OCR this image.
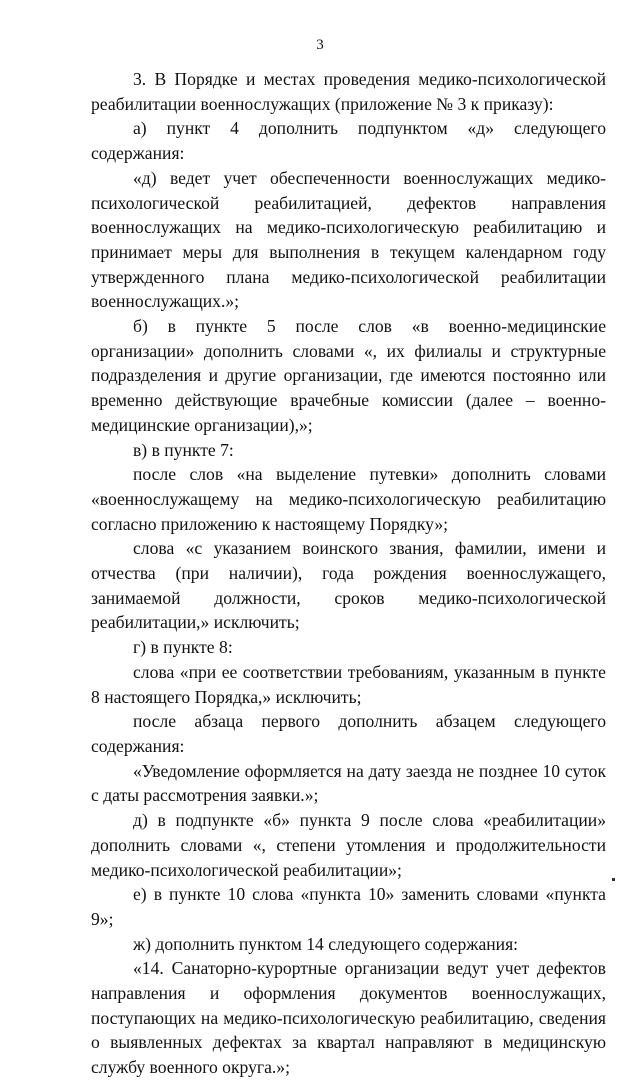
3

3. В Порядке и местах проведения медико-психологической реабилитации военнослужащих (приложение № 3 к приказу):

а) пункт 4 дополнить подпунктом «д» следующего содержания:

«д) ведет учет обеспеченности военнослужащих медико-психологической реабилитацией, дефектов направления военнослужащих на медико-психологическую реабилитацию и принимает меры для выполнения в текущем календарном году утвержденного плана медико-психологической реабилитации военнослужащих.»;

б) в пункте 5 после слов «в военно-медицинские организации» дополнить словами «, их филиалы и структурные подразделения и другие организации, где имеются постоянно или временно действующие врачебные комиссии (далее – военно-медицинские организации),»;

в) в пункте 7:

после слов «на выделение путевки» дополнить словами «военнослужащему на медико-психологическую реабилитацию согласно приложению к настоящему Порядку»;

слова «с указанием воинского звания, фамилии, имени и отчества (при наличии), года рождения военнослужащего, занимаемой должности, сроков медико-психологической реабилитации,» исключить;

г) в пункте 8:

слова «при ее соответствии требованиям, указанным в пункте 8 настоящего Порядка,» исключить;

после абзаца первого дополнить абзацем следующего содержания:

«Уведомление оформляется на дату заезда не позднее 10 суток с даты рассмотрения заявки.»;

д) в подпункте «б» пункта 9 после слова «реабилитации» дополнить словами «, степени утомления и продолжительности медико-психологической реабилитации»;

е) в пункте 10 слова «пункта 10» заменить словами «пункта 9»;

ж) дополнить пунктом 14 следующего содержания:

«14. Санаторно-курортные организации ведут учет дефектов направления и оформления документов военнослужащих, поступающих на медико-психологическую реабилитацию, сведения о выявленных дефектах за квартал направляют в медицинскую службу военного округа.»;
